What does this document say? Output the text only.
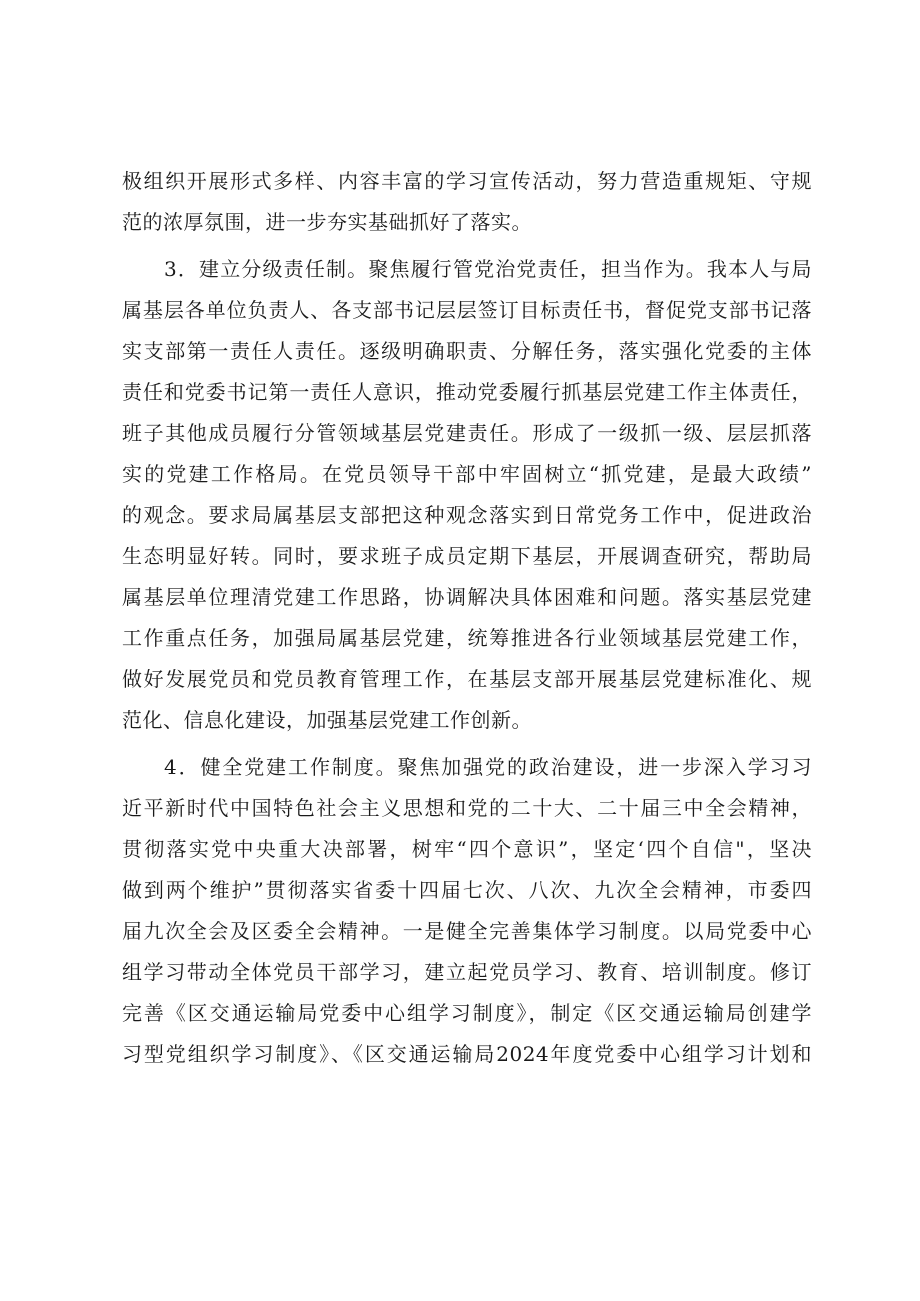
极组织开展形式多样、内容丰富的学习宣传活动，努力营造重规矩、守规
范的浓厚氛围，进一步夯实基础抓好了落实。
3．建立分级责任制。聚焦履行管党治党责任，担当作为。我本人与局
属基层各单位负责人、各支部书记层层签订目标责任书，督促党支部书记落
实支部第一责任人责任。逐级明确职责、分解任务，落实强化党委的主体
责任和党委书记第一责任人意识，推动党委履行抓基层党建工作主体责任，
班子其他成员履行分管领域基层党建责任。形成了一级抓一级、层层抓落
实的党建工作格局。在党员领导干部中牢固树立“抓党建，是最大政绩”
的观念。要求局属基层支部把这种观念落实到日常党务工作中，促进政治
生态明显好转。同时，要求班子成员定期下基层，开展调查研究，帮助局
属基层单位理清党建工作思路，协调解决具体困难和问题。落实基层党建
工作重点任务，加强局属基层党建，统筹推进各行业领域基层党建工作，
做好发展党员和党员教育管理工作，在基层支部开展基层党建标准化、规
范化、信息化建设，加强基层党建工作创新。
4．健全党建工作制度。聚焦加强党的政治建设，进一步深入学习习
近平新时代中国特色社会主义思想和党的二十大、二十届三中全会精神，
贯彻落实党中央重大决部署，树牢“四个意识”，坚定‘四个自信"，坚决
做到两个维护”贯彻落实省委十四届七次、八次、九次全会精神，市委四
届九次全会及区委全会精神。一是健全完善集体学习制度。以局党委中心
组学习带动全体党员干部学习，建立起党员学习、教育、培训制度。修订
完善《区交通运输局党委中心组学习制度》，制定《区交通运输局创建学
习型党组织学习制度》、《区交通运输局2024年度党委中心组学习计划和
